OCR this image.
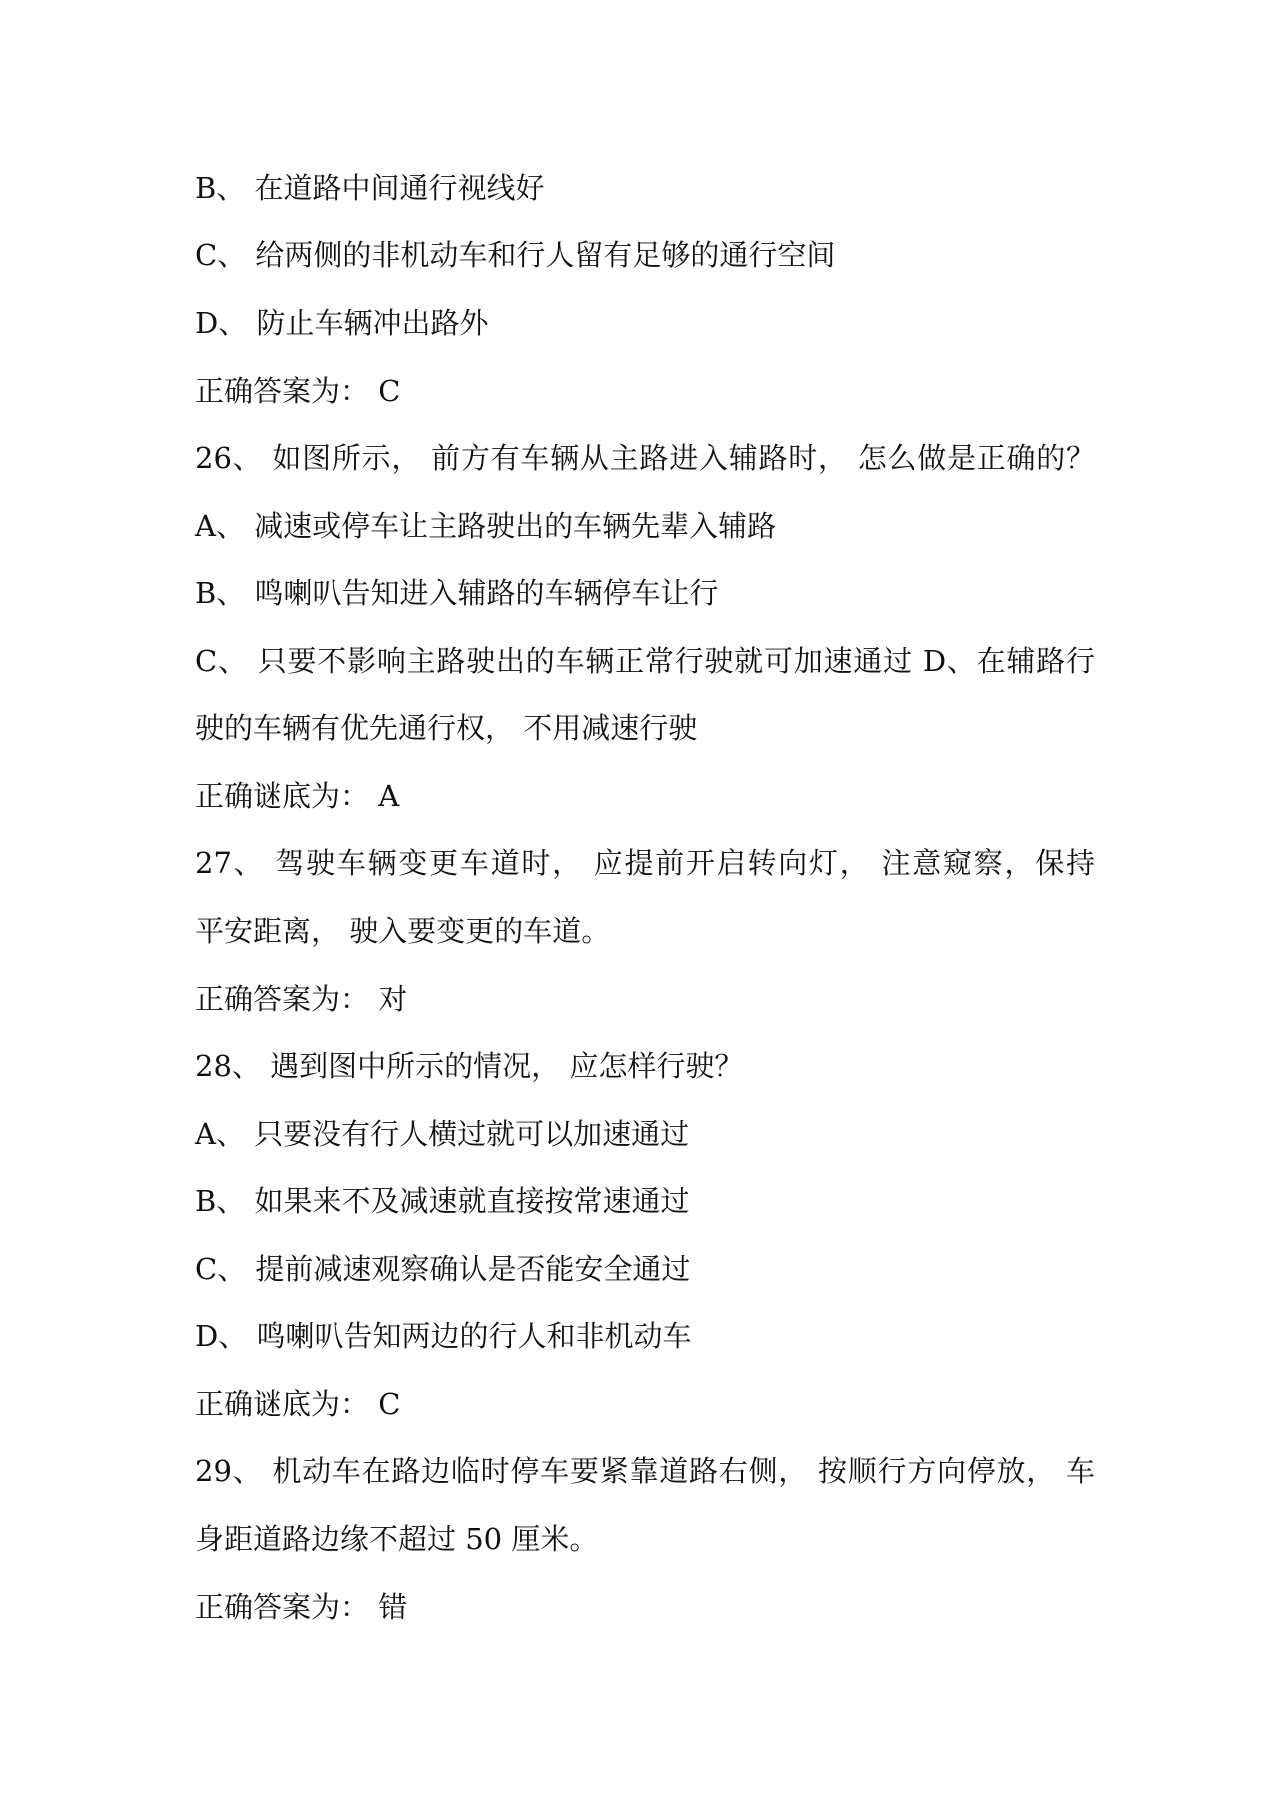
B、 在道路中间通行视线好

C、 给两侧的非机动车和行人留有足够的通行空间

D、 防止车辆冲出路外

正确答案为： C

26、 如图所示， 前方有车辆从主路进入辅路时， 怎么做是正确的？

A、 减速或停车让主路驶出的车辆先辈入辅路

B、 鸣喇叭告知进入辅路的车辆停车让行

C、 只要不影响主路驶出的车辆正常行驶就可加速通过 D、在辅路行

驶的车辆有优先通行权， 不用减速行驶

正确谜底为： A

27、 驾驶车辆变更车道时， 应提前开启转向灯， 注意窥察，保持

平安距离， 驶入要变更的车道。

正确答案为： 对

28、 遇到图中所示的情况， 应怎样行驶？

A、 只要没有行人横过就可以加速通过

B、 如果来不及减速就直接按常速通过

C、 提前减速观察确认是否能安全通过

D、 鸣喇叭告知两边的行人和非机动车

正确谜底为： C

29、 机动车在路边临时停车要紧靠道路右侧， 按顺行方向停放， 车

身距道路边缘不超过 50 厘米。

正确答案为： 错
